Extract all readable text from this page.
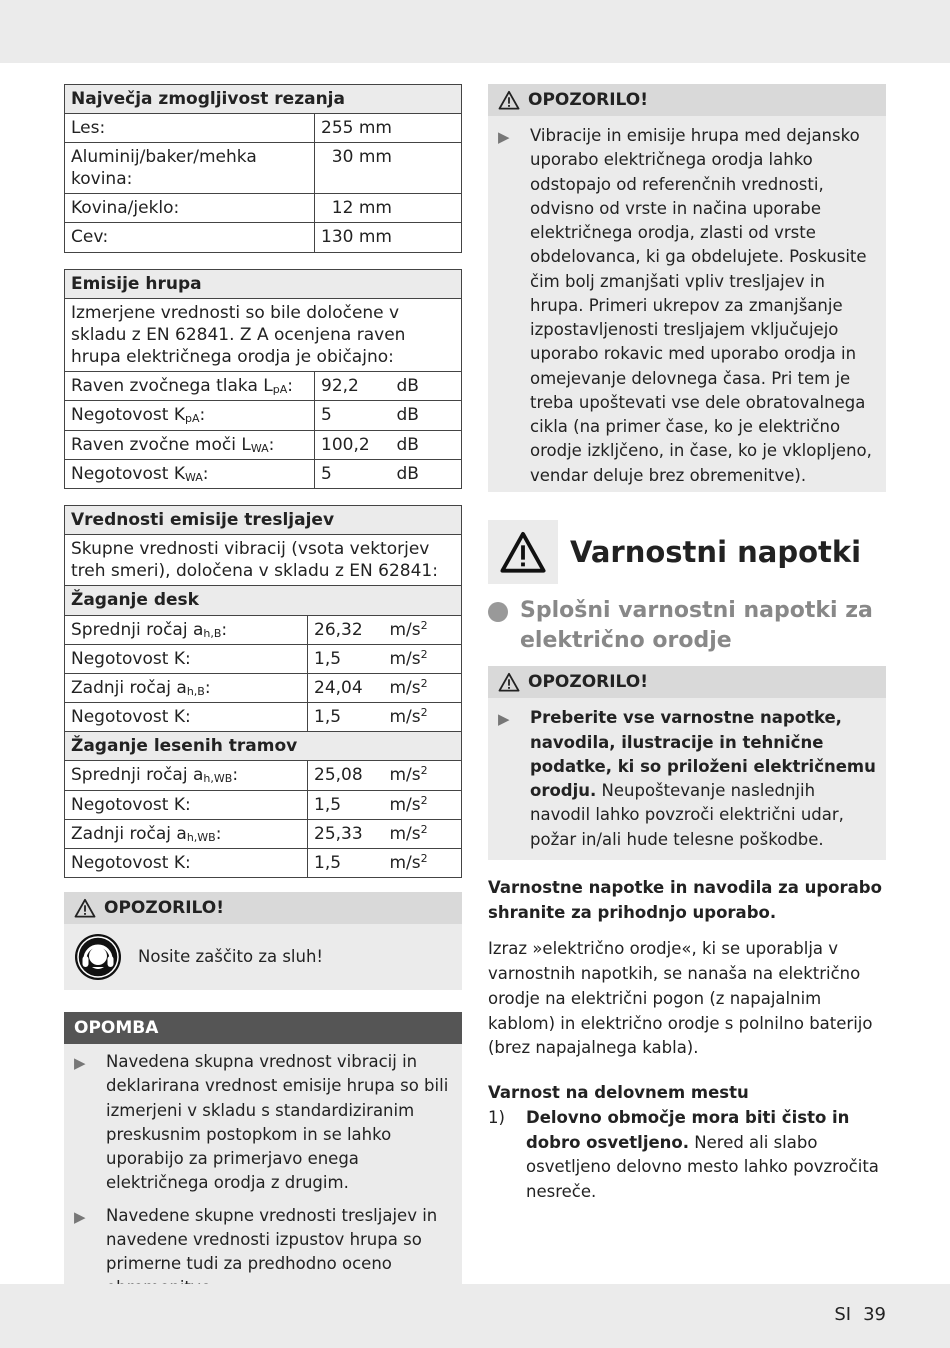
Največja zmogljivost rezanja	
Les:	255 mm
Aluminij/baker/mehka kovina:	30 mm
Kovina/jeklo:	12 mm
Cev:	130 mm
Emisije hrupa		
Izmerjene vrednosti so bile določene v skladu z EN 62841. Z A ocenjena raven hrupa električnega orodja je običajno:		
Raven zvočnega tlaka LpA:	92,2	dB
Negotovost KpA:	5	dB
Raven zvočne moči LWA:	100,2	dB
Negotovost KWA:	5	dB
Vrednosti emisije tresljajev		
Skupne vrednosti vibracij (vsota vektorjev treh smeri), določena v skladu z EN 62841:		
Žaganje desk		
Sprednji ročaj ah,B:	26,32	$m/s^2$
Negotovost K:	1,5	$m/s^2$
Zadnji ročaj ah,B:	24,04	$m/s^2$
Negotovost K:	1,5	$m/s^2$
Žaganje lesenih tramov		
Sprednji ročaj ah,WB:	25,08	$m/s^2$
Negotovost K:	1,5	$m/s^2$
Zadnji ročaj ah,WB:	25,33	$m/s^2$
Negotovost K:	1,5	$m/s^2$
OPOZORILO!
Nosite zaščito za sluh!
OPOMBA
▶	Navedena skupna vrednost vibracij in deklarirana vrednost emisije hrupa so bili izmerjeni v skladu s standardiziranim preskusnim postopkom in se lahko uporabijo za primerjavo enega električnega orodja z drugim.
▶	Navedene skupne vrednosti tresljajev in navedene vrednosti izpustov hrupa so primerne tudi za predhodno oceno
OPOZORILO!
▶	Vibracije in emisije hrupa med dejansko uporabo električnega orodja lahko odstopajo od referenčnih vrednosti, odvisno od vrste in načina uporabe električnega orodja, zlasti od vrste obdelovanca, ki ga obdelujete. Poskusite čim bolj zmanjšati vpliv tresljajev in hrupa. Primeri ukrepov za zmanjšanje izpostavljenosti tresljajem vključujejo uporabo rokavic med uporabo orodja in omejevanje delovnega časa. Pri tem je treba upoštevati vse dele obratovalnega cikla (na primer čase, ko je električno orodje izkljčeno, in čase, ko je vklopljeno, vendar deluje brez obremenitve).
Varnostni napotki
Splošni varnostni napotki za električno orodje
OPOZORILO!
▶	Preberite vse varnostne napotke, navodila, ilustracije in tehnične podatke, ki so priloženi električnemu orodju. Neupoštevanje naslednjih navodil lahko povzroči električni udar, požar in/ali hude telesne poškodbe.

Varnostne napotke in navodila za uporabo shranite za prihodnjo uporabo.

Izraz »električno orodje«, ki se uporablja v varnostnih napotkih, se nanaša na električno orodje na električni pogon (z napajalnim kablom) in električno orodje s polnilno baterijo (brez napajalnega kabla).

Varnost na delovnem mestu

1)	Delovno območje mora biti čisto in dobro osvetljeno. Nered ali slabo osvetljeno delovno mesto lahko povzročita nesreče.
SI 39
